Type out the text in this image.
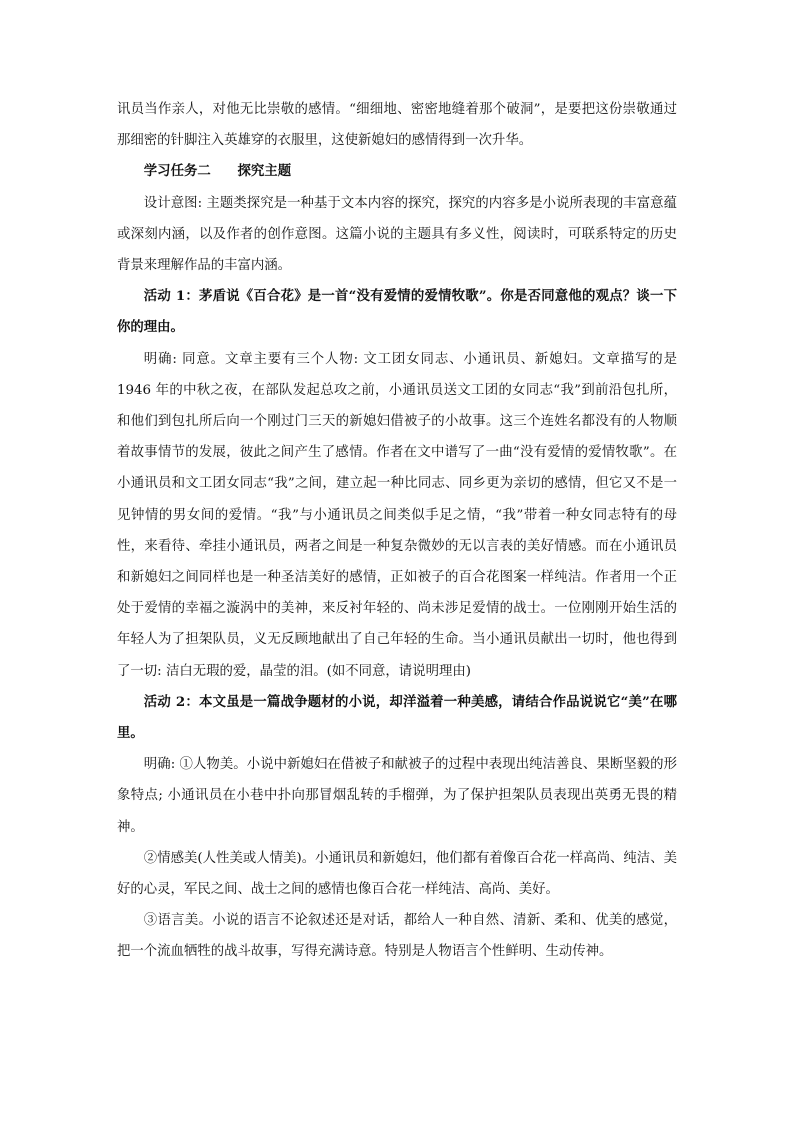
讯员当作亲人，对他无比崇敬的感情。“细细地、密密地缝着那个破洞”，是要把这份崇敬通过那细密的针脚注入英雄穿的衣服里，这使新媳妇的感情得到一次升华。

学习任务二　　探究主题

设计意图: 主题类探究是一种基于文本内容的探究，探究的内容多是小说所表现的丰富意蕴或深刻内涵，以及作者的创作意图。这篇小说的主题具有多义性，阅读时，可联系特定的历史背景来理解作品的丰富内涵。

活动 1：茅盾说《百合花》是一首“没有爱情的爱情牧歌”。你是否同意他的观点？谈一下你的理由。

明确: 同意。文章主要有三个人物: 文工团女同志、小通讯员、新媳妇。文章描写的是1946 年的中秋之夜，在部队发起总攻之前，小通讯员送文工团的女同志“我”到前沿包扎所，和他们到包扎所后向一个刚过门三天的新媳妇借被子的小故事。这三个连姓名都没有的人物顺着故事情节的发展，彼此之间产生了感情。作者在文中谱写了一曲“没有爱情的爱情牧歌”。在小通讯员和文工团女同志“我”之间，建立起一种比同志、同乡更为亲切的感情，但它又不是一见钟情的男女间的爱情。“我”与小通讯员之间类似手足之情，“我”带着一种女同志特有的母性，来看待、牵挂小通讯员，两者之间是一种复杂微妙的无以言表的美好情感。而在小通讯员和新媳妇之间同样也是一种圣洁美好的感情，正如被子的百合花图案一样纯洁。作者用一个正处于爱情的幸福之漩涡中的美神，来反衬年轻的、尚未涉足爱情的战士。一位刚刚开始生活的年轻人为了担架队员，义无反顾地献出了自己年轻的生命。当小通讯员献出一切时，他也得到了一切: 洁白无瑕的爱，晶莹的泪。(如不同意，请说明理由)

活动 2：本文虽是一篇战争题材的小说，却洋溢着一种美感，请结合作品说说它“美”在哪里。

明确: ①人物美。小说中新媳妇在借被子和献被子的过程中表现出纯洁善良、果断坚毅的形象特点; 小通讯员在小巷中扑向那冒烟乱转的手榴弹，为了保护担架队员表现出英勇无畏的精神。

②情感美(人性美或人情美)。小通讯员和新媳妇，他们都有着像百合花一样高尚、纯洁、美好的心灵，军民之间、战士之间的感情也像百合花一样纯洁、高尚、美好。

③语言美。小说的语言不论叙述还是对话，都给人一种自然、清新、柔和、优美的感觉，把一个流血牺牲的战斗故事，写得充满诗意。特别是人物语言个性鲜明、生动传神。
